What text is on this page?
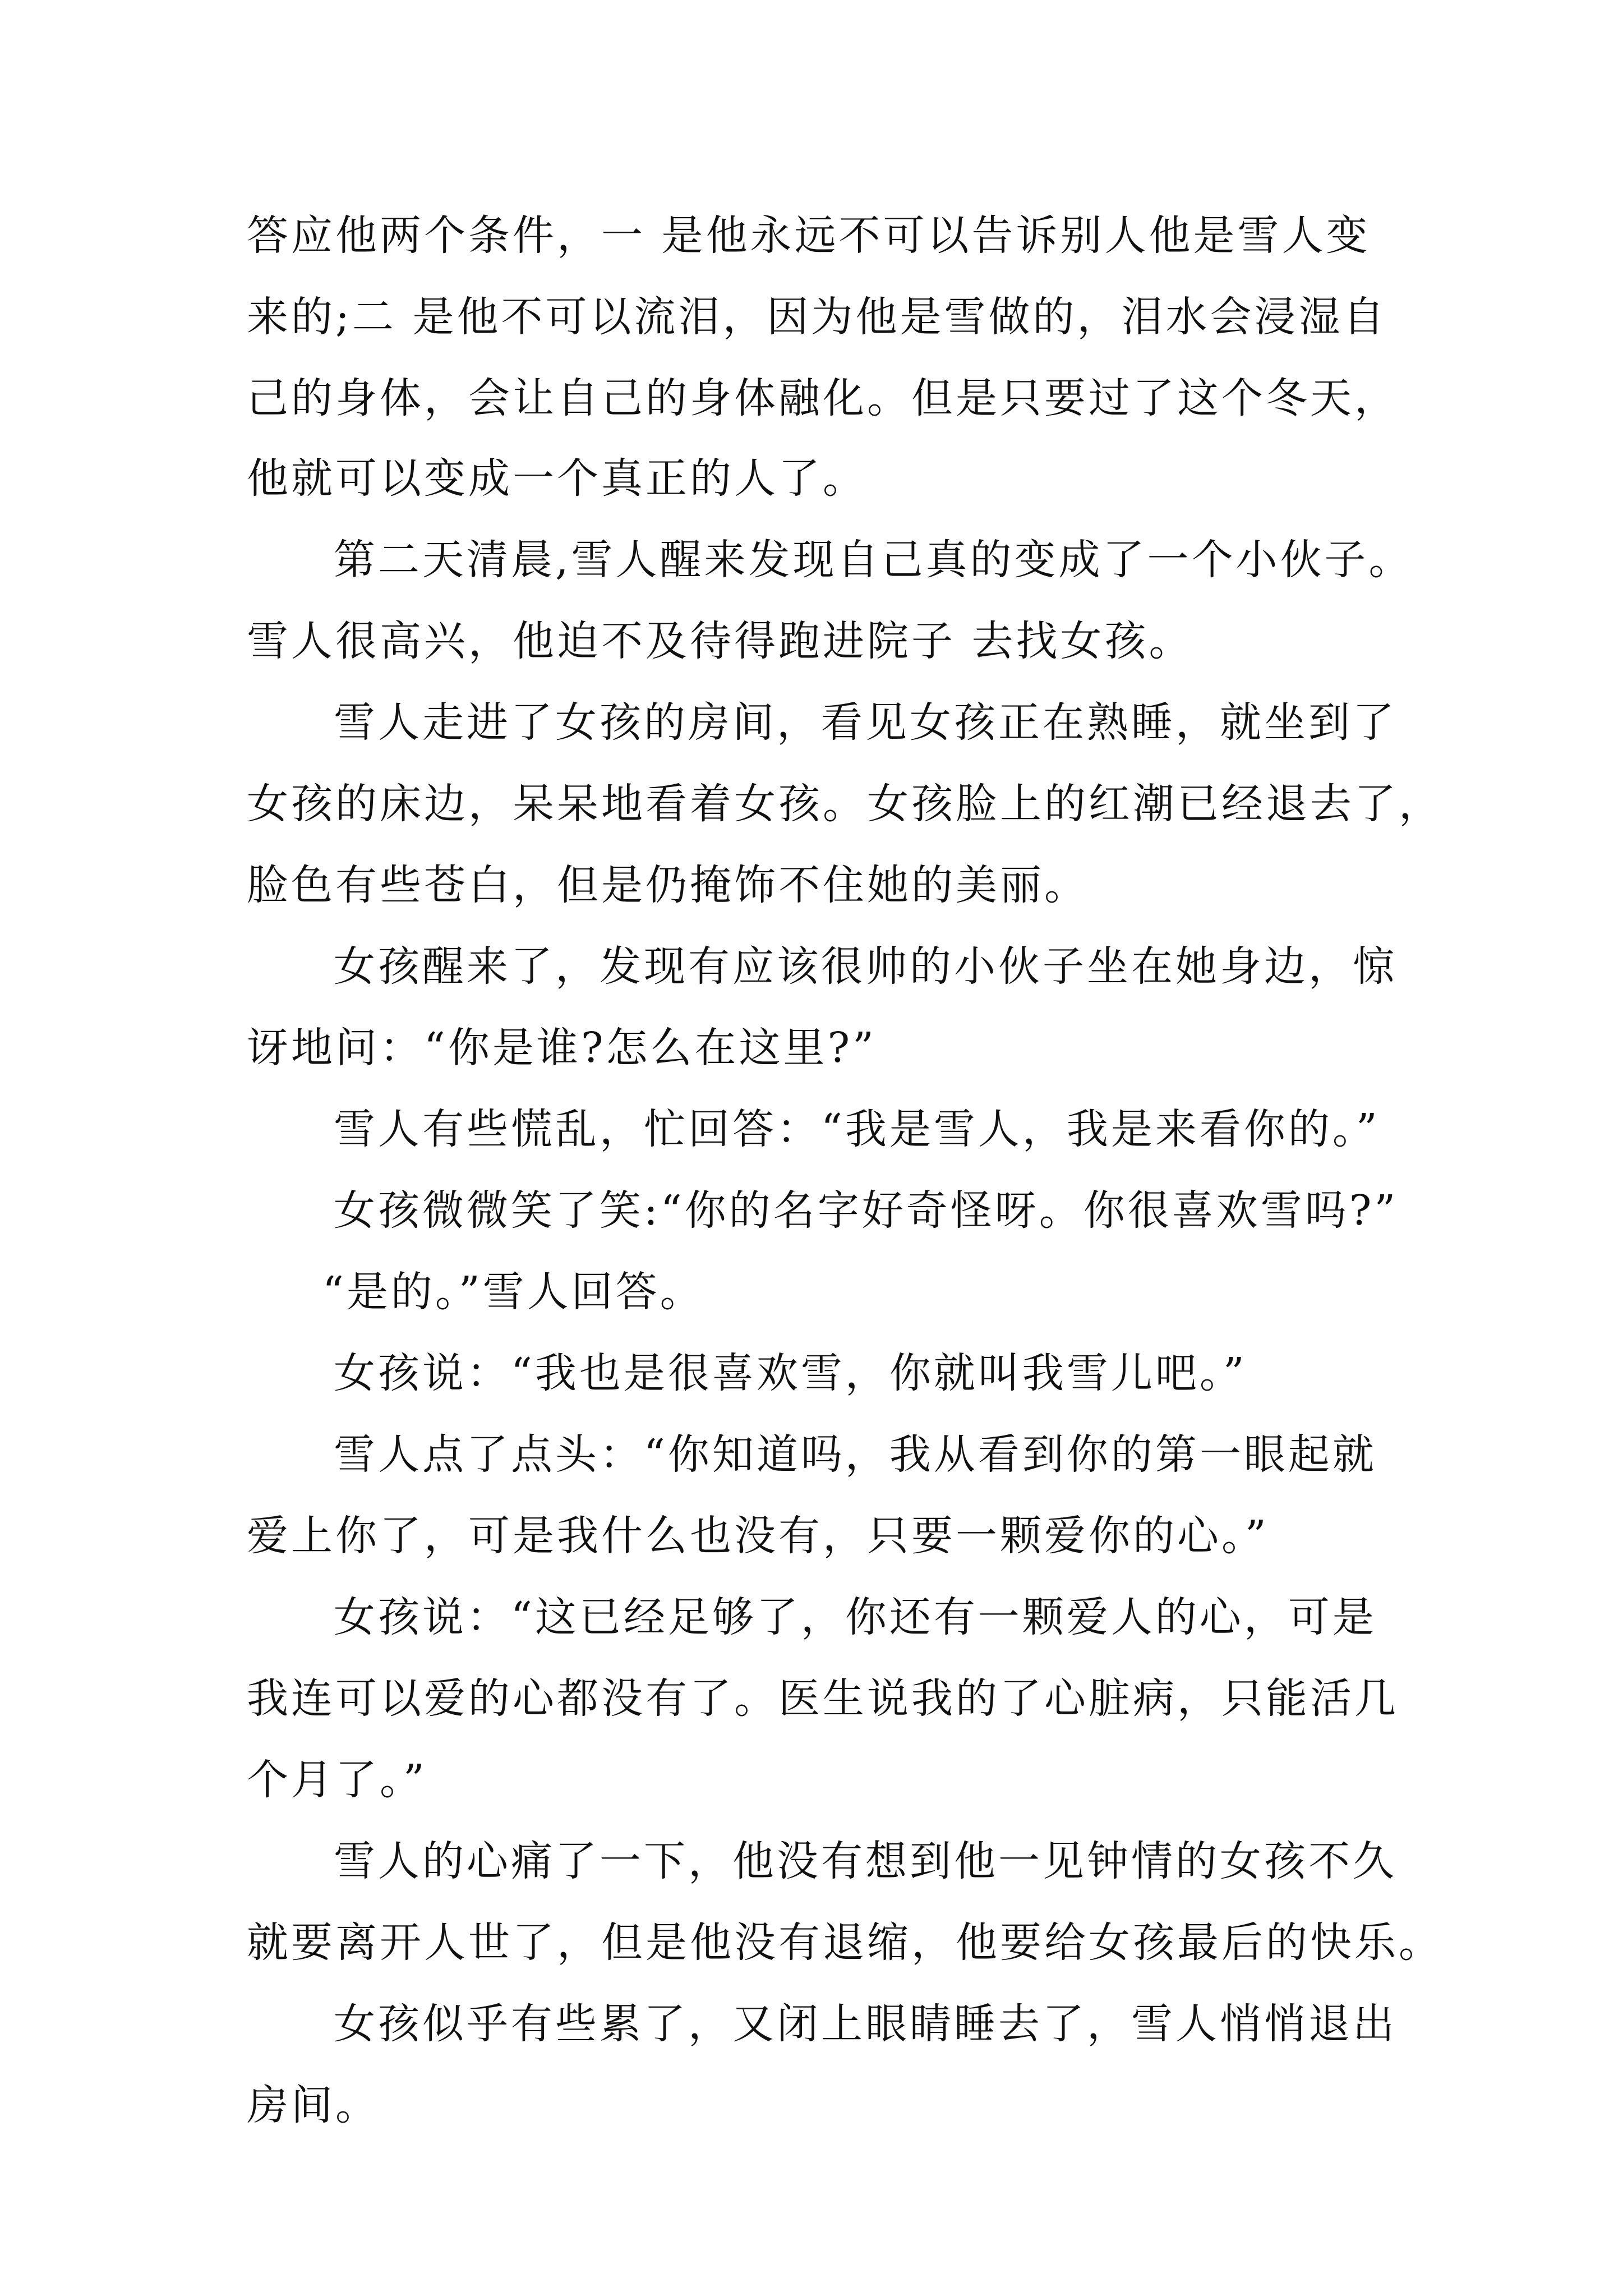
答应他两个条件，一 是他永远不可以告诉别人他是雪人变
来的;二 是他不可以流泪，因为他是雪做的，泪水会浸湿自
己的身体，会让自己的身体融化。但是只要过了这个冬天，
他就可以变成一个真正的人了。
第二天清晨,雪人醒来发现自己真的变成了一个小伙子。
雪人很高兴，他迫不及待得跑进院子 去找女孩。
雪人走进了女孩的房间，看见女孩正在熟睡，就坐到了
女孩的床边，呆呆地看着女孩。女孩脸上的红潮已经退去了，
脸色有些苍白，但是仍掩饰不住她的美丽。
女孩醒来了，发现有应该很帅的小伙子坐在她身边，惊
讶地问：“你是谁?怎么在这里?”
雪人有些慌乱，忙回答：“我是雪人，我是来看你的。”
女孩微微笑了笑:“你的名字好奇怪呀。你很喜欢雪吗?”
“是的。”雪人回答。
女孩说：“我也是很喜欢雪，你就叫我雪儿吧。”
雪人点了点头：“你知道吗，我从看到你的第一眼起就
爱上你了，可是我什么也没有，只要一颗爱你的心。”
女孩说：“这已经足够了，你还有一颗爱人的心，可是
我连可以爱的心都没有了。医生说我的了心脏病，只能活几
个月了。”
雪人的心痛了一下，他没有想到他一见钟情的女孩不久
就要离开人世了，但是他没有退缩，他要给女孩最后的快乐。
女孩似乎有些累了，又闭上眼睛睡去了，雪人悄悄退出
房间。
